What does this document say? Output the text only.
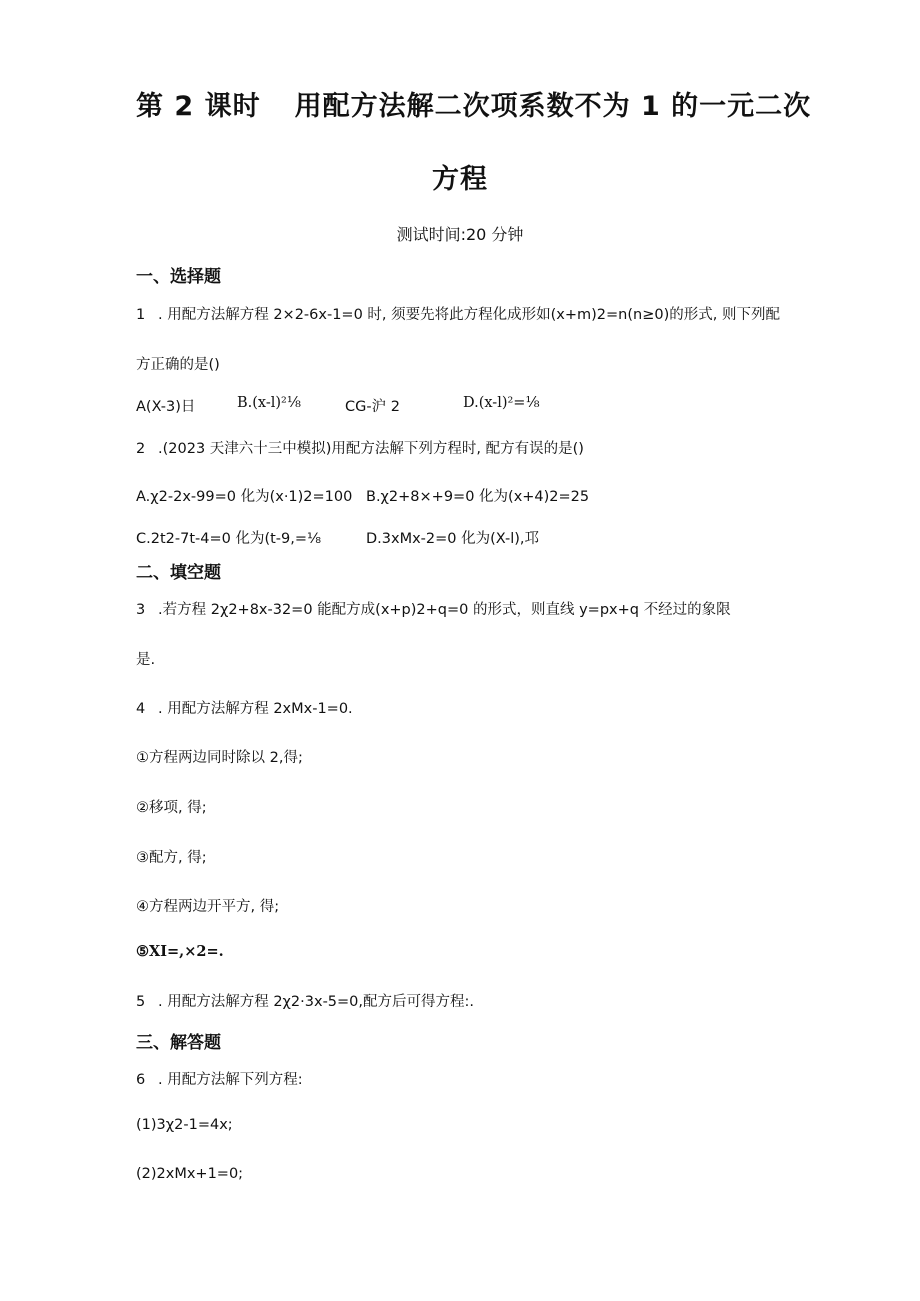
第 2 课时 用配方法解二次项系数不为 1 的一元二次
方程
测试时间:20 分钟
一、选择题
1 . 用配方法解方程 2×2-6x-1=0 时, 须要先将此方程化成形如(x+m)2=n(n≥0)的形式, 则下列配
方正确的是()
A(X-3)日	B.(x-l)²⅛	CG-沪 2	D.(x-l)²=⅛
2 .(2023 天津六十三中模拟)用配方法解下列方程时, 配方有误的是()
A.χ2-2x-99=0 化为(x·1)2=100 B.χ2+8×+9=0 化为(x+4)2=25
C.2t2-7t-4=0 化为(t-9,=⅛	D.3xMx-2=0 化为(X-l),邛
二、填空题
3 .若方程 2χ2+8x-32=0 能配方成(x+p)2+q=0 的形式，则直线 y=px+q 不经过的象限
是.
4 . 用配方法解方程 2xMx-1=0.
①方程两边同时除以 2,得;
②移项, 得;
③配方, 得;
④方程两边开平方, 得;
⑤XI=,×2=.
5 . 用配方法解方程 2χ2·3x-5=0,配方后可得方程:.
三、解答题
6 . 用配方法解下列方程:
(1)3χ2-1=4x;
(2)2xMx+1=0;
